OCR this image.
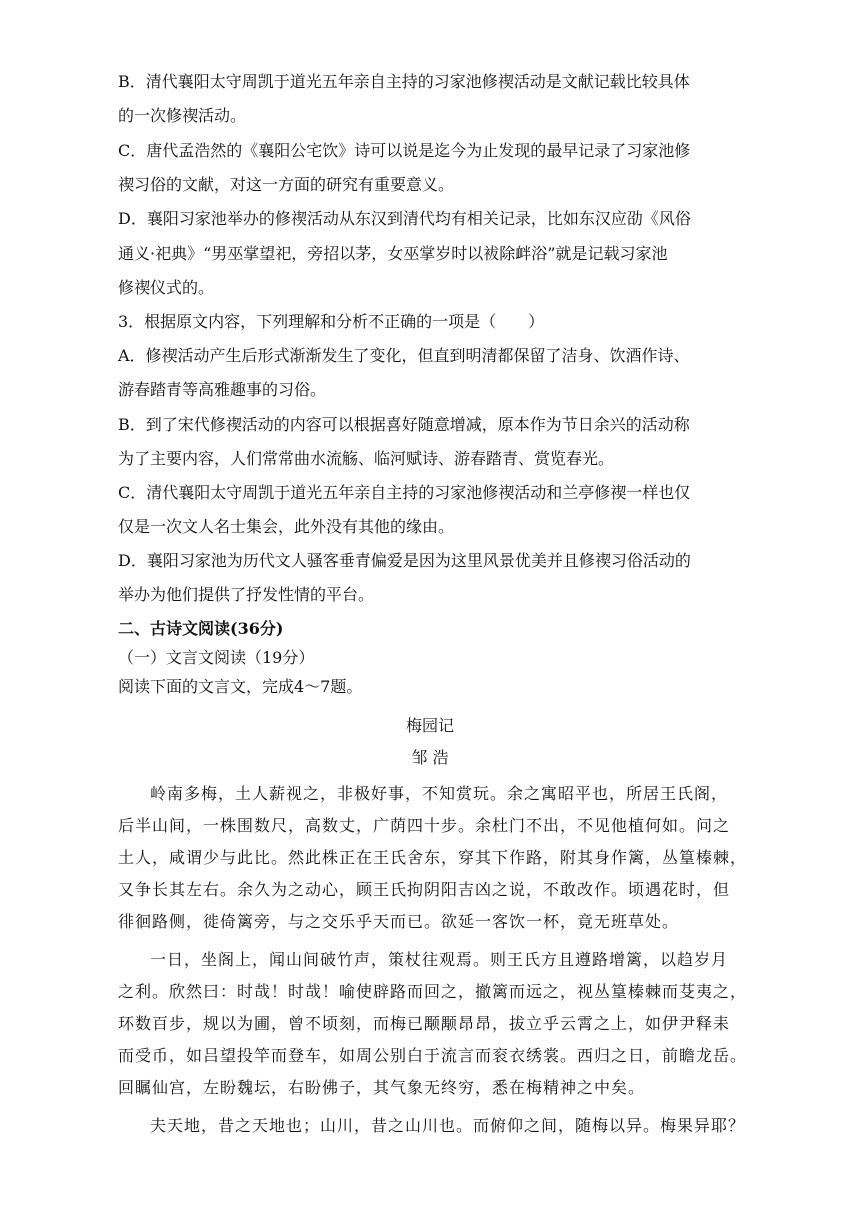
B．清代襄阳太守周凯于道光五年亲自主持的习家池修禊活动是文献记载比较具体
的一次修禊活动。
C．唐代孟浩然的《襄阳公宅饮》诗可以说是迄今为止发现的最早记录了习家池修
禊习俗的文献，对这一方面的研究有重要意义。
D．襄阳习家池举办的修禊活动从东汉到清代均有相关记录，比如东汉应劭《风俗
通义·祀典》“男巫掌望祀，旁招以茅，女巫掌岁时以袚除衅浴”就是记载习家池
修禊仪式的。
3．根据原文内容，下列理解和分析不正确的一项是（　　）
A．修禊活动产生后形式渐渐发生了变化，但直到明清都保留了洁身、饮酒作诗、
游春踏青等高雅趣事的习俗。
B．到了宋代修禊活动的内容可以根据喜好随意增减，原本作为节日余兴的活动称
为了主要内容，人们常常曲水流觞、临河赋诗、游春踏青、赏览春光。
C．清代襄阳太守周凯于道光五年亲自主持的习家池修禊活动和兰亭修禊一样也仅
仅是一次文人名士集会，此外没有其他的缘由。
D．襄阳习家池为历代文人骚客垂青偏爱是因为这里风景优美并且修禊习俗活动的
举办为他们提供了抒发性情的平台。
二、古诗文阅读(36分)
（一）文言文阅读（19分）
阅读下面的文言文，完成4～7题。
梅园记
邹 浩
岭南多梅，土人薪视之，非极好事，不知赏玩。余之寓昭平也，所居王氏阁，
后半山间，一株围数尺，高数丈，广荫四十步。余杜门不出，不见他植何如。问之
土人，咸谓少与此比。然此株正在王氏舍东，穿其下作路，附其身作篱，丛篁榛棘，
又争长其左右。余久为之动心，顾王氏拘阴阳吉凶之说，不敢改作。顷遇花时，但
徘徊路侧，徙倚篱旁，与之交乐乎天而已。欲延一客饮一杯，竟无班草处。
一日，坐阁上，闻山间破竹声，策杖往观焉。则王氏方且遵路增篱，以趋岁月
之利。欣然曰：时哉！时哉！喻使辟路而回之，撤篱而远之，视丛篁榛棘而芟夷之，
环数百步，规以为圃，曾不顷刻，而梅已颙颙昂昂，拔立乎云霄之上，如伊尹释耒
而受币，如吕望投竿而登车，如周公别白于流言而衮衣绣裳。西归之日，前瞻龙岳。
回瞩仙宫，左盼魏坛，右盼佛子，其气象无终穷，悉在梅精神之中矣。
夫天地，昔之天地也；山川，昔之山川也。而俯仰之间，随梅以异。梅果异耶？
